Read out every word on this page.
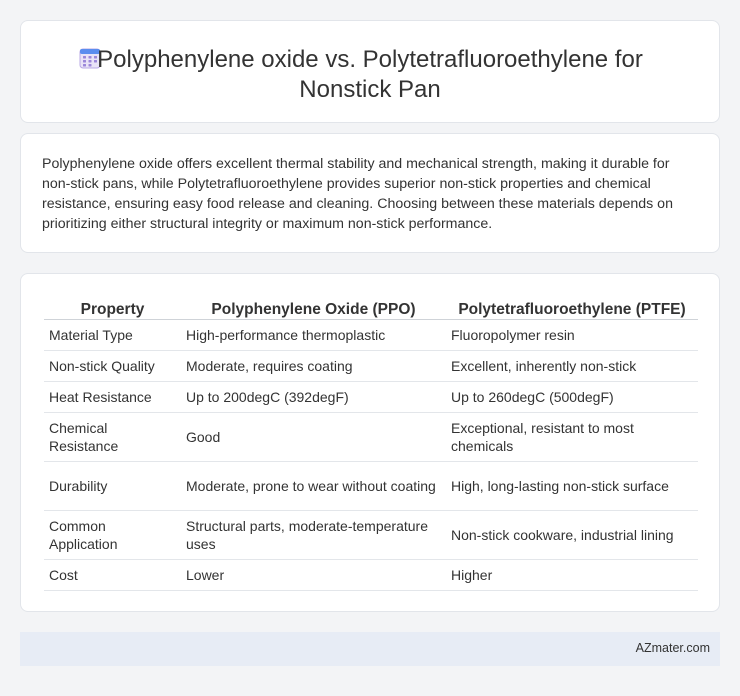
Polyphenylene oxide vs. Polytetrafluoroethylene for
Nonstick Pan

Polyphenylene oxide offers excellent thermal stability and mechanical strength, making it durable for non-stick pans, while Polytetrafluoroethylene provides superior non-stick properties and chemical resistance, ensuring easy food release and cleaning. Choosing between these materials depends on prioritizing either structural integrity or maximum non-stick performance.

Property	Polyphenylene Oxide (PPO)	Polytetrafluoroethylene (PTFE)
Material Type	High-performance thermoplastic	Fluoropolymer resin
Non-stick Quality	Moderate, requires coating	Excellent, inherently non-stick
Heat Resistance	Up to 200degC (392degF)	Up to 260degC (500degF)
Chemical Resistance	Good	Exceptional, resistant to most chemicals
Durability	Moderate, prone to wear without coating	High, long-lasting non-stick surface
Common Application	Structural parts, moderate-temperature uses	Non-stick cookware, industrial lining
Cost	Lower	Higher
AZmater.com
